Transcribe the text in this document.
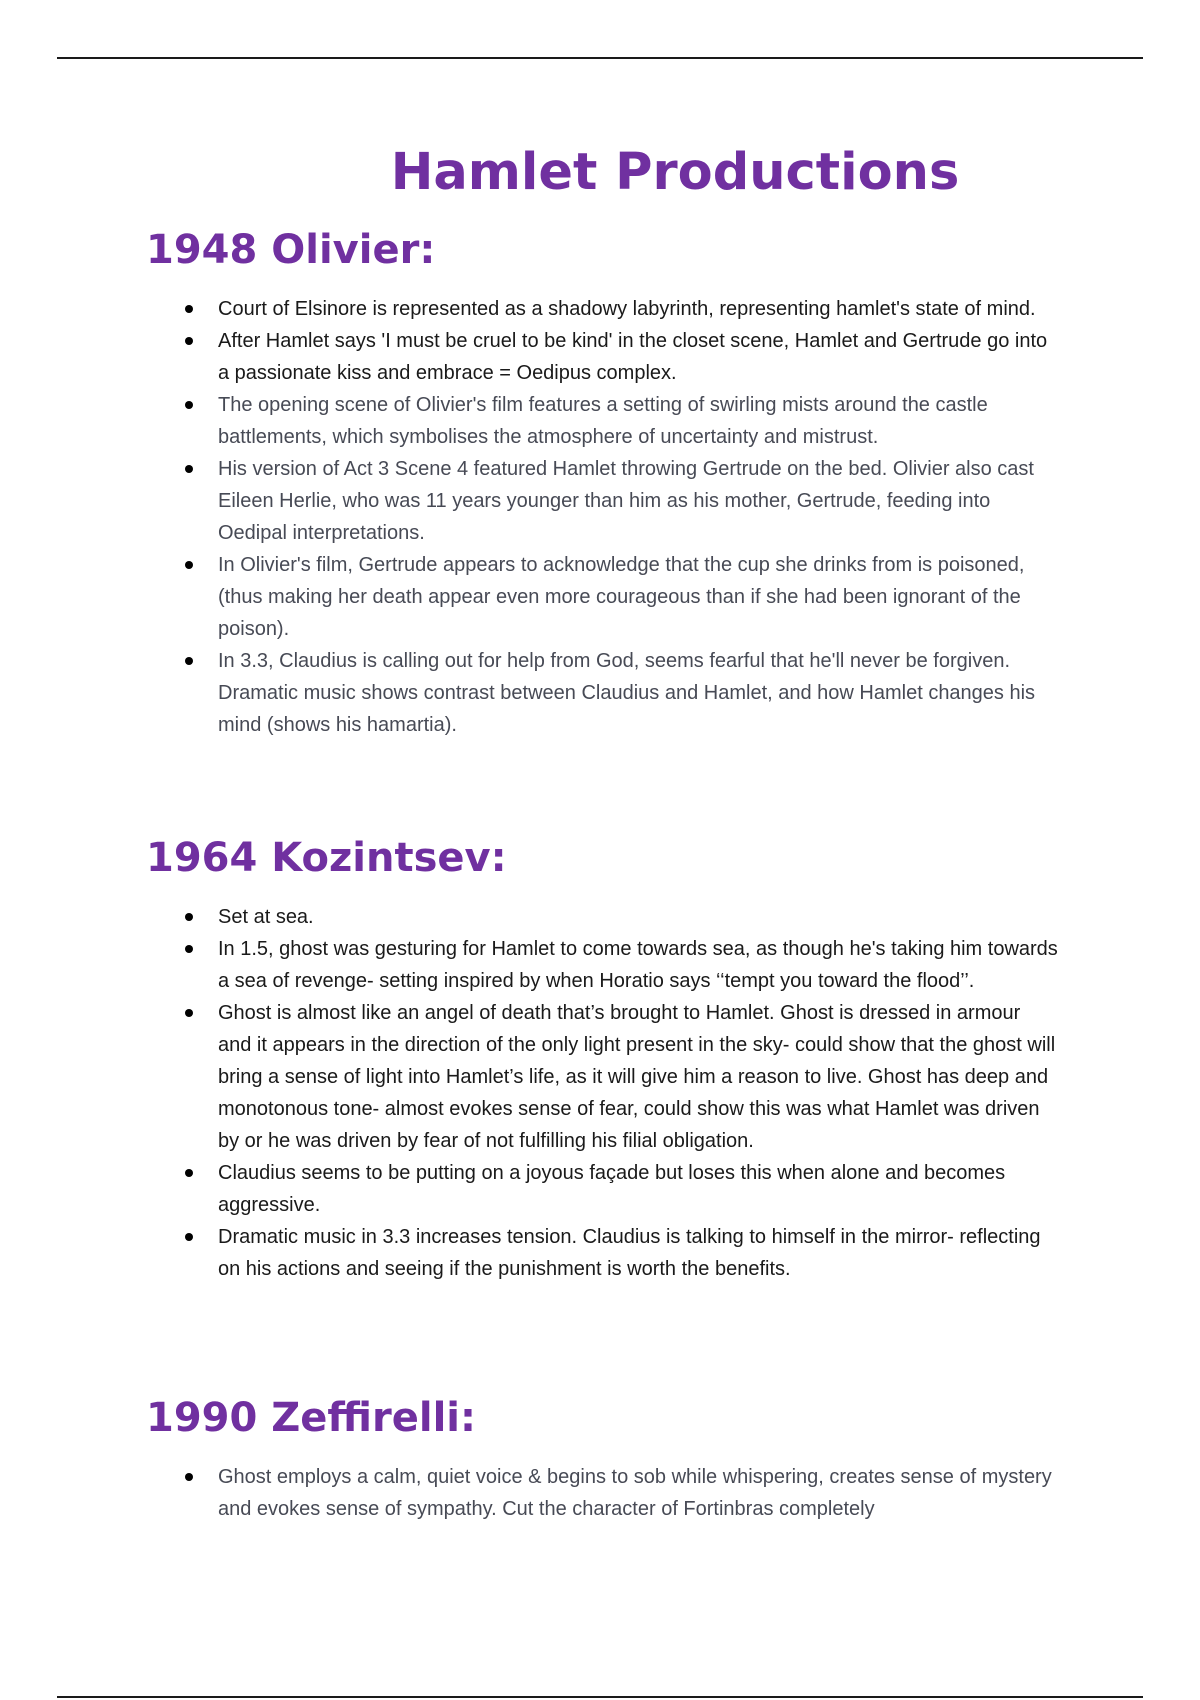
Hamlet Productions
1948 Olivier:
Court of Elsinore is represented as a shadowy labyrinth, representing hamlet's state of mind.
After Hamlet says 'I must be cruel to be kind' in the closet scene, Hamlet and Gertrude go into a passionate kiss and embrace = Oedipus complex.
The opening scene of Olivier's film features a setting of swirling mists around the castle battlements, which symbolises the atmosphere of uncertainty and mistrust.
His version of Act 3 Scene 4 featured Hamlet throwing Gertrude on the bed. Olivier also cast Eileen Herlie, who was 11 years younger than him as his mother, Gertrude, feeding into Oedipal interpretations.
In Olivier's film, Gertrude appears to acknowledge that the cup she drinks from is poisoned, (thus making her death appear even more courageous than if she had been ignorant of the poison).
In 3.3, Claudius is calling out for help from God, seems fearful that he'll never be forgiven. Dramatic music shows contrast between Claudius and Hamlet, and how Hamlet changes his mind (shows his hamartia).
1964 Kozintsev:
Set at sea.
In 1.5, ghost was gesturing for Hamlet to come towards sea, as though he's taking him towards a sea of revenge- setting inspired by when Horatio says ‘‘tempt you toward the flood’’.
Ghost is almost like an angel of death that’s brought to Hamlet. Ghost is dressed in armour and it appears in the direction of the only light present in the sky- could show that the ghost will bring a sense of light into Hamlet’s life, as it will give him a reason to live. Ghost has deep and monotonous tone- almost evokes sense of fear, could show this was what Hamlet was driven by or he was driven by fear of not fulfilling his filial obligation.
Claudius seems to be putting on a joyous façade but loses this when alone and becomes aggressive.
Dramatic music in 3.3 increases tension. Claudius is talking to himself in the mirror- reflecting on his actions and seeing if the punishment is worth the benefits.
1990 Zeffirelli:
Ghost employs a calm, quiet voice & begins to sob while whispering, creates sense of mystery and evokes sense of sympathy. Cut the character of Fortinbras completely
